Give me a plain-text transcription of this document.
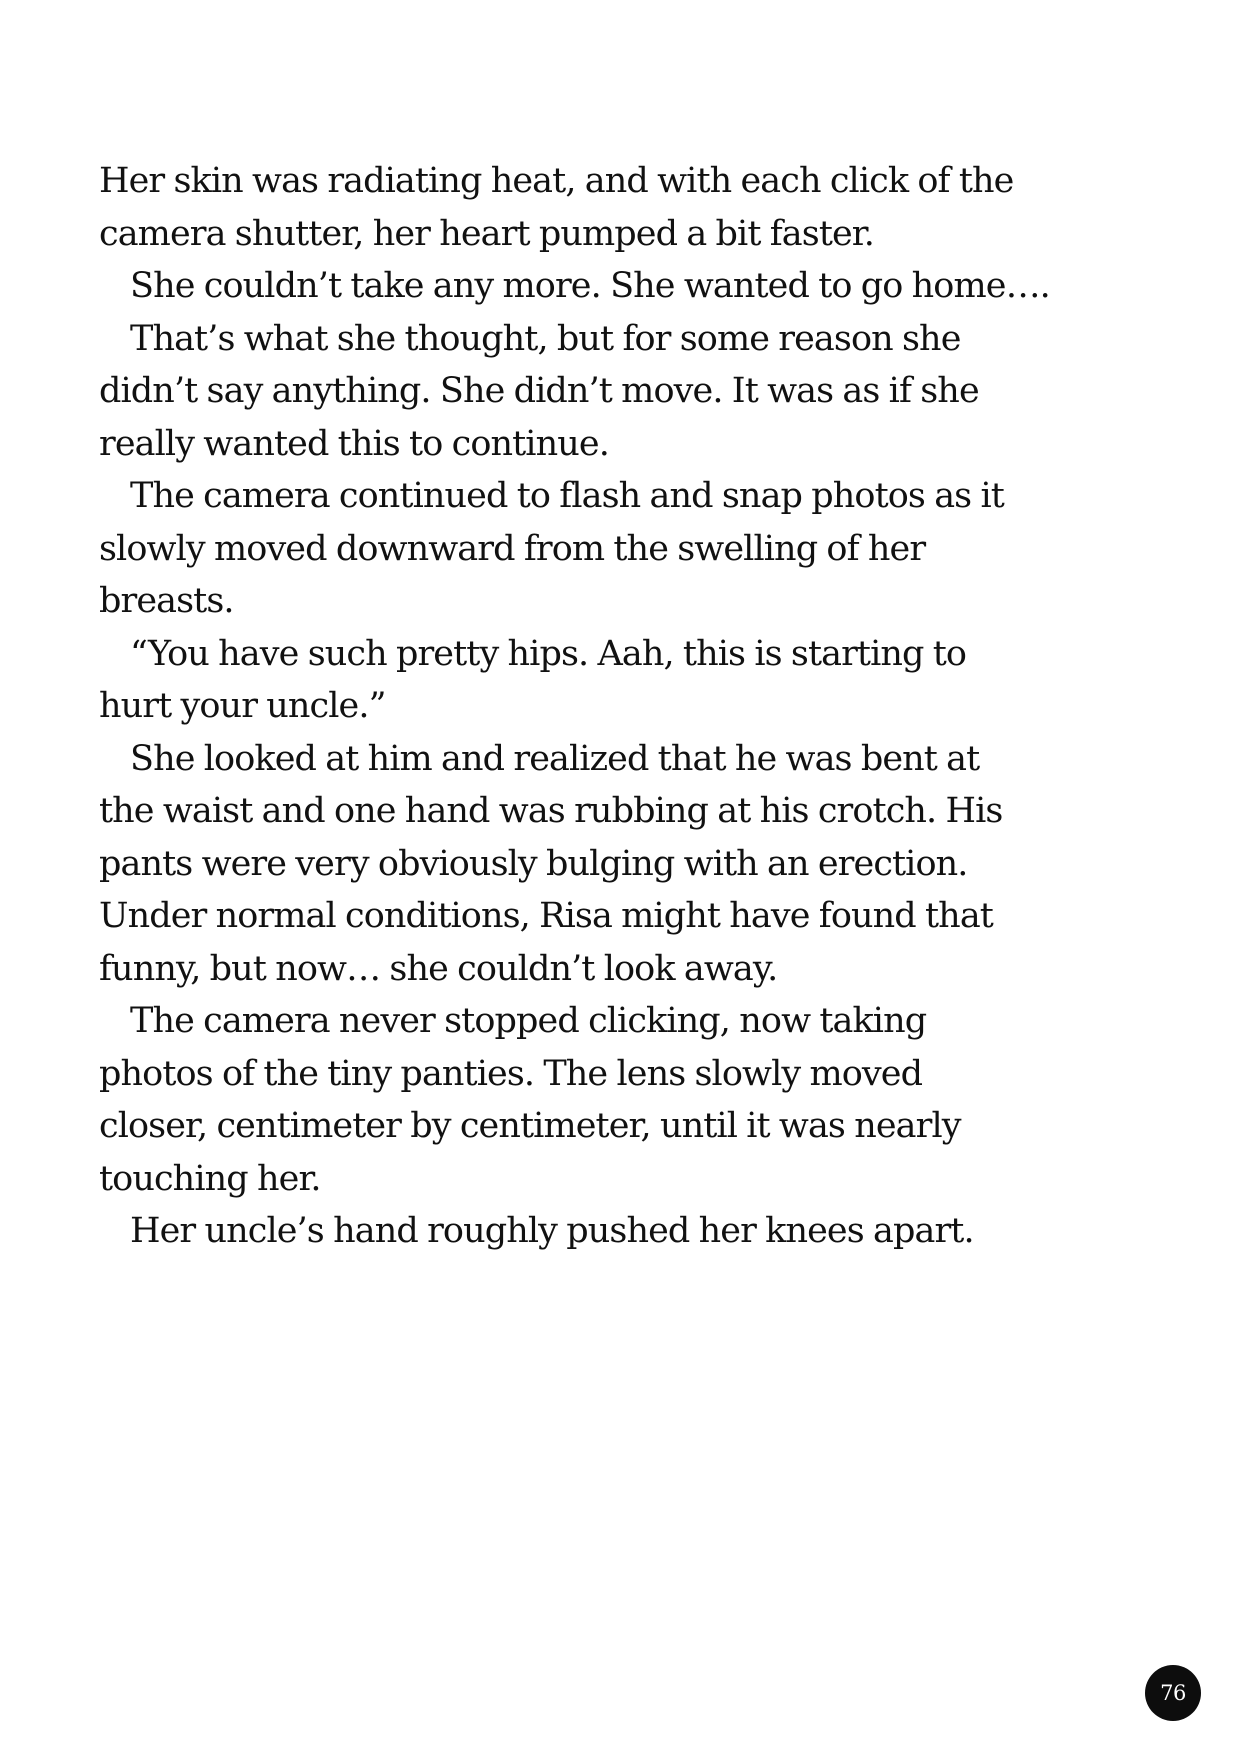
Her skin was radiating heat, and with each click of the

camera shutter, her heart pumped a bit faster.

She couldn’t take any more. She wanted to go home….

That’s what she thought, but for some reason she

didn’t say anything. She didn’t move. It was as if she

really wanted this to continue.

The camera continued to flash and snap photos as it

slowly moved downward from the swelling of her

breasts.

“You have such pretty hips. Aah, this is starting to

hurt your uncle.”

She looked at him and realized that he was bent at

the waist and one hand was rubbing at his crotch. His

pants were very obviously bulging with an erection.

Under normal conditions, Risa might have found that

funny, but now… she couldn’t look away.

The camera never stopped clicking, now taking

photos of the tiny panties. The lens slowly moved

closer, centimeter by centimeter, until it was nearly

touching her.

Her uncle’s hand roughly pushed her knees apart.

76
